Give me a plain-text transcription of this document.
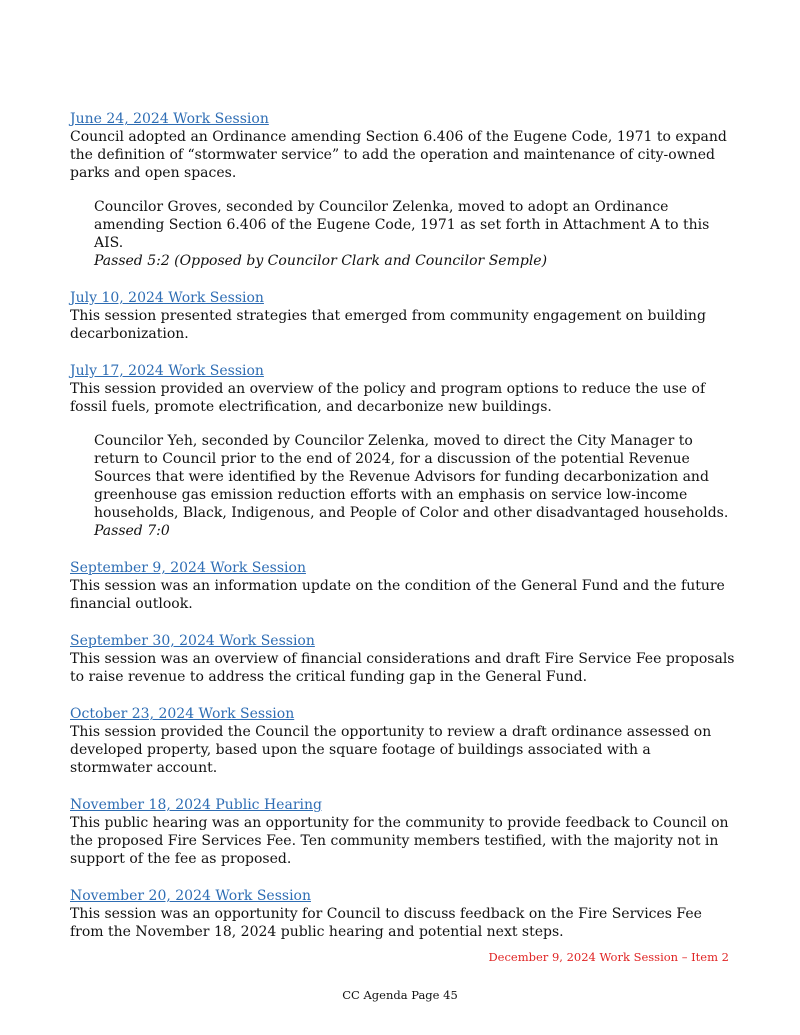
June 24, 2024 Work Session

Council adopted an Ordinance amending Section 6.406 of the Eugene Code, 1971 to expand the definition of “stormwater service” to add the operation and maintenance of city-owned parks and open spaces.

Councilor Groves, seconded by Councilor Zelenka, moved to adopt an Ordinance amending Section 6.406 of the Eugene Code, 1971 as set forth in Attachment A to this AIS.
Passed 5:2 (Opposed by Councilor Clark and Councilor Semple)
July 10, 2024 Work Session

This session presented strategies that emerged from community engagement on building decarbonization.

July 17, 2024 Work Session

This session provided an overview of the policy and program options to reduce the use of fossil fuels, promote electrification, and decarbonize new buildings.

Councilor Yeh, seconded by Councilor Zelenka, moved to direct the City Manager to return to Council prior to the end of 2024, for a discussion of the potential Revenue Sources that were identified by the Revenue Advisors for funding decarbonization and greenhouse gas emission reduction efforts with an emphasis on service low-income households, Black, Indigenous, and People of Color and other disadvantaged households.
Passed 7:0
September 9, 2024 Work Session

This session was an information update on the condition of the General Fund and the future financial outlook.

September 30, 2024 Work Session

This session was an overview of financial considerations and draft Fire Service Fee proposals to raise revenue to address the critical funding gap in the General Fund.

October 23, 2024 Work Session

This session provided the Council the opportunity to review a draft ordinance assessed on developed property, based upon the square footage of buildings associated with a stormwater account.

November 18, 2024 Public Hearing

This public hearing was an opportunity for the community to provide feedback to Council on the proposed Fire Services Fee. Ten community members testified, with the majority not in support of the fee as proposed.

November 20, 2024 Work Session

This session was an opportunity for Council to discuss feedback on the Fire Services Fee from the November 18, 2024 public hearing and potential next steps.

December 9, 2024 Work Session – Item 2
CC Agenda Page 45
